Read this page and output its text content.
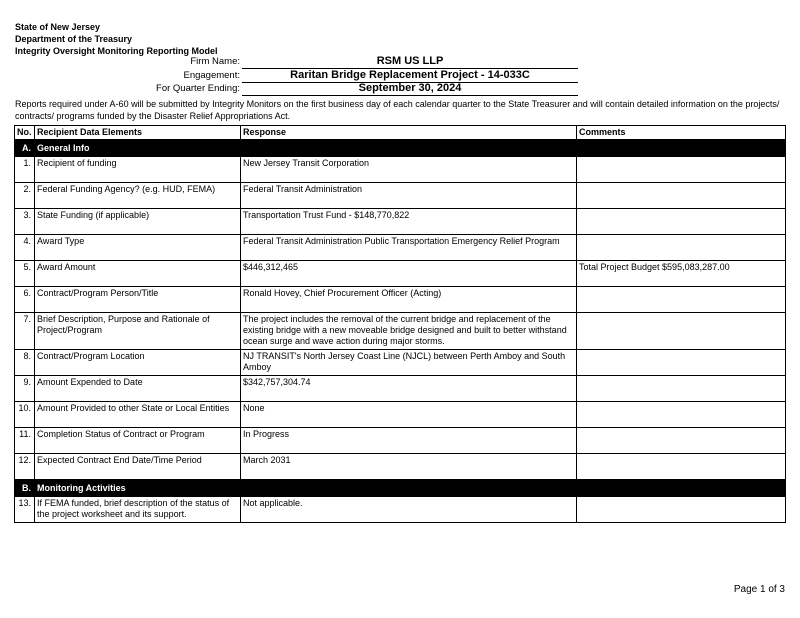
State of New Jersey
Department of the Treasury
Integrity Oversight Monitoring Reporting Model
Firm Name:	RSM US LLP
Engagement:	Raritan Bridge Replacement Project - 14-033C
For Quarter Ending:	September 30, 2024
Reports required under A-60 will be submitted by Integrity Monitors on the first business day of each calendar quarter to the State Treasurer and will contain detailed information on the projects/ contracts/ programs funded by the Disaster Relief Appropriations Act.
No.	Recipient Data Elements	Response	Comments
A.	General Info		
1.	Recipient of funding	New Jersey Transit Corporation	
2.	Federal Funding Agency? (e.g. HUD, FEMA)	Federal Transit Administration	
3.	State Funding (if applicable)	Transportation Trust Fund - $148,770,822	
4.	Award Type	Federal Transit Administration Public Transportation Emergency Relief Program	
5.	Award Amount	$446,312,465	Total Project Budget $595,083,287.00
6.	Contract/Program Person/Title	Ronald Hovey, Chief Procurement Officer (Acting)	
7.	Brief Description, Purpose and Rationale of Project/Program	The project includes the removal of the current bridge and replacement of the existing bridge with a new moveable bridge designed and built to better withstand ocean surge and wave action during major storms.	
8.	Contract/Program Location	NJ TRANSIT's North Jersey Coast Line (NJCL) between Perth Amboy and South Amboy	
9.	Amount Expended to Date	$342,757,304.74	
10.	Amount Provided to other State or Local Entities	None	
11.	Completion Status of Contract or Program	In Progress	
12.	Expected Contract End Date/Time Period	March 2031	
B.	Monitoring Activities		
13.	If FEMA funded, brief description of the status of the project worksheet and its support.	Not applicable.	
Page 1 of 3
